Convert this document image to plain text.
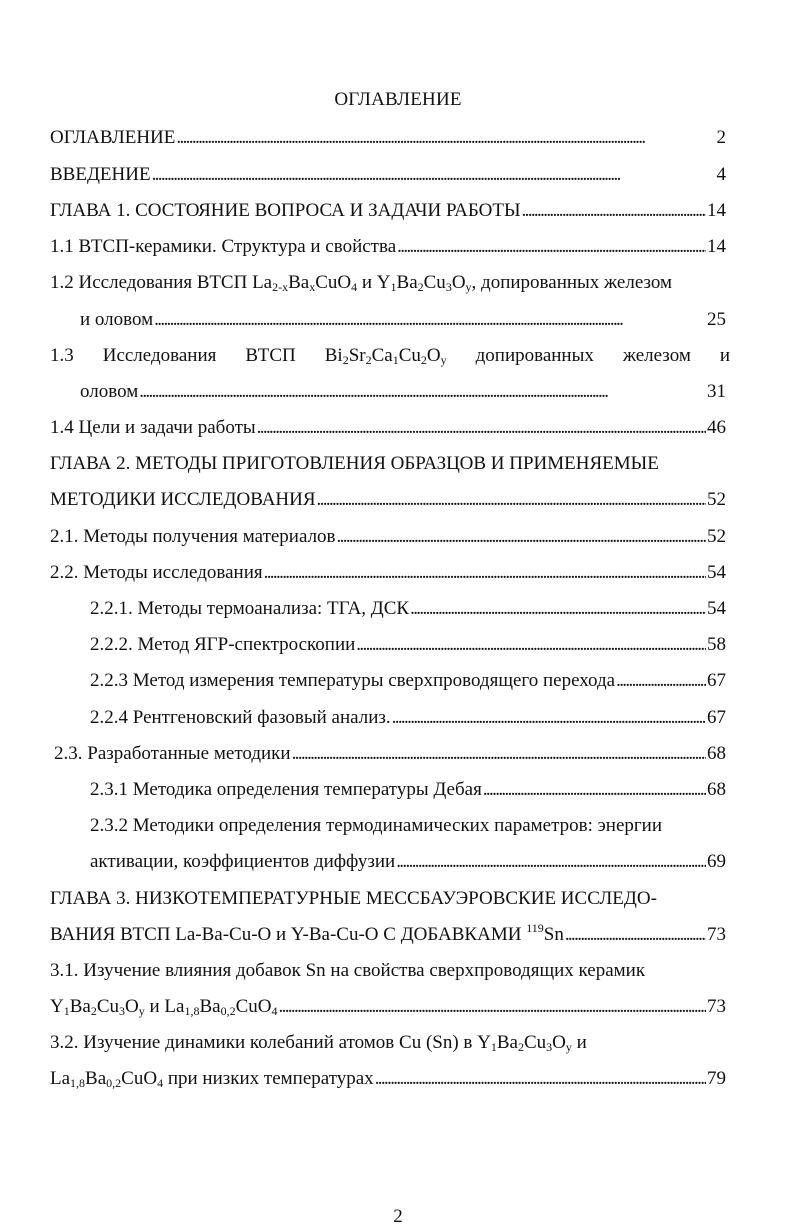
ОГЛАВЛЕНИЕ
ОГЛАВЛЕНИЕ . . .	2
ВВЕДЕНИЕ . . .	4
ГЛАВА 1. СОСТОЯНИЕ ВОПРОСА И ЗАДАЧИ РАБОТЫ . . .	14
1.1 ВТСП-керамики. Структура и свойства . . .	14
1.2 Исследования ВТСП $La_{2-x}Ba_xCuO_4$ и $Y_1Ba_2Cu_3O_y$, допированных железом
и оловом . . .	25
1.3 Исследования ВТСП $Bi_2Sr_2Ca_1Cu_2O_y$ допированных железом и
оловом . . .	31
1.4 Цели и задачи работы . . .	46
ГЛАВА 2. МЕТОДЫ ПРИГОТОВЛЕНИЯ ОБРАЗЦОВ И ПРИМЕНЯЕМЫЕ
МЕТОДИКИ ИССЛЕДОВАНИЯ . . .	52
2.1. Методы получения материалов . . .	52
2.2. Методы исследования . . .	54
2.2.1. Методы термоанализа: ТГА, ДСК . . .	54
2.2.2. Метод ЯГР-спектроскопии . . .	58
2.2.3 Метод измерения температуры сверхпроводящего перехода . . .	67
2.2.4 Рентгеновский фазовый анализ. . . .	67
2.3. Разработанные методики . . .	68
2.3.1 Методика определения температуры Дебая . . .	68
2.3.2 Методики определения термодинамических параметров: энергии
активации, коэффициентов диффузии . . .	69
ГЛАВА 3. НИЗКОТЕМПЕРАТУРНЫЕ МЕССБАУЭРОВСКИЕ ИССЛЕДО-
ВАНИЯ ВТСП La-Ba-Cu-O и Y-Ba-Cu-O С ДОБАВКАМИ $^{119}$Sn . . .	73
3.1. Изучение влияния добавок Sn на свойства сверхпроводящих керамик
$Y_1Ba_2Cu_3O_y$ и $La_{1,8}Ba_{0,2}CuO_4$ . . .	73
3.2. Изучение динамики колебаний атомов Cu (Sn) в $Y_1Ba_2Cu_3O_y$ и
$La_{1,8}Ba_{0,2}CuO_4$ при низких температурах . . .	79
2
